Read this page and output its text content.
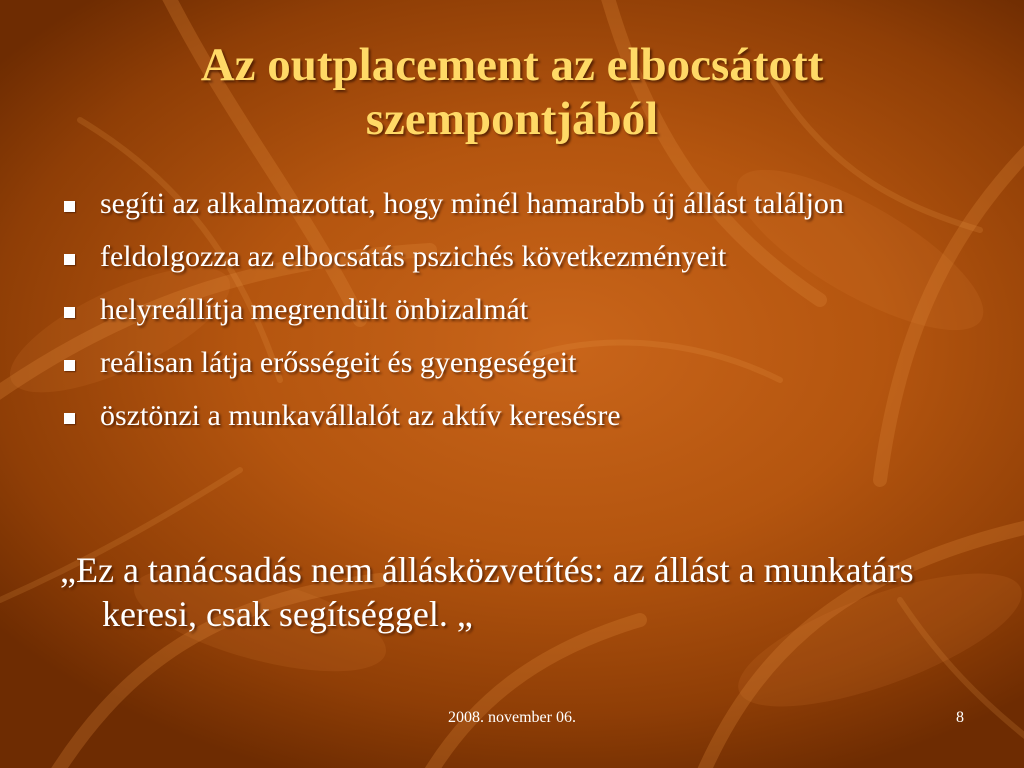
Az outplacement az elbocsátott
szempontjából
segíti az alkalmazottat, hogy minél hamarabb új állást találjon
feldolgozza az elbocsátás pszichés következményeit
helyreállítja megrendült önbizalmát
reálisan látja erősségeit és gyengeségeit
ösztönzi a munkavállalót az aktív keresésre
„Ez a tanácsadás nem állásközvetítés: az állást a munkatárs keresi, csak segítséggel. „
2008. november 06.	8
